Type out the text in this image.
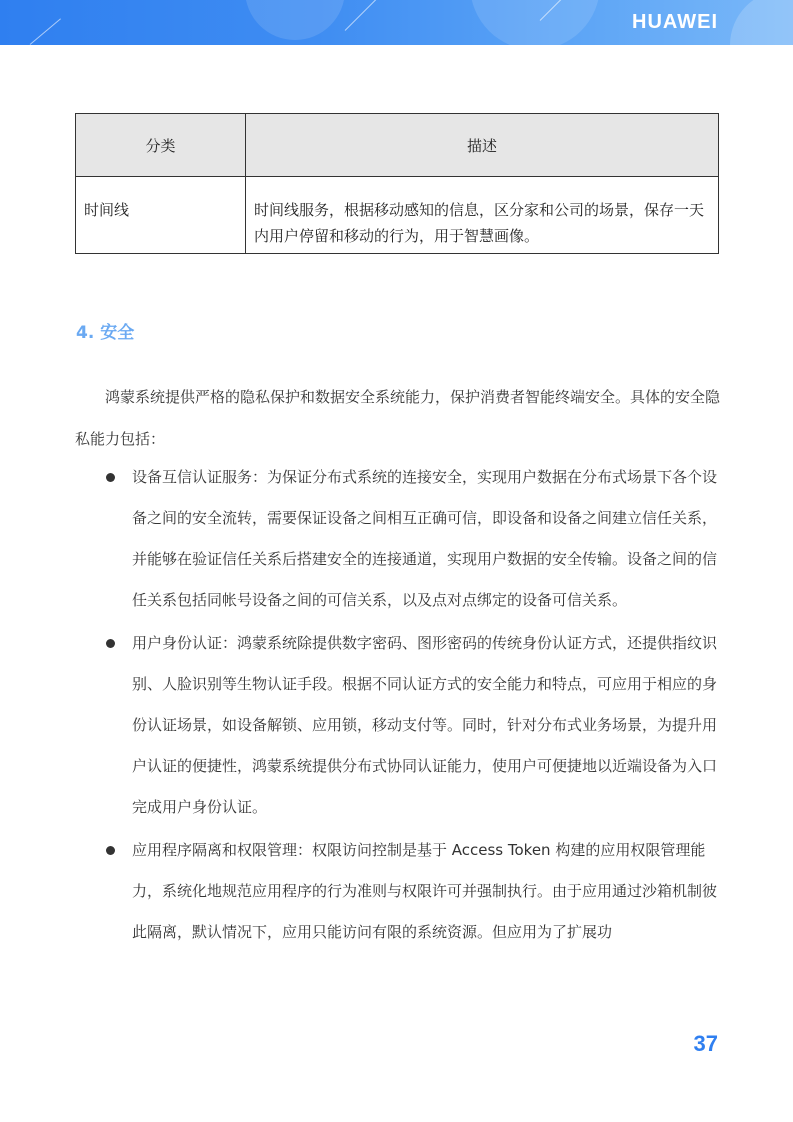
HUAWEI
分类	描述
时间线	时间线服务，根据移动感知的信息，区分家和公司的场景，保存一天内用户停留和移动的行为，用于智慧画像。
4. 安全

鸿蒙系统提供严格的隐私保护和数据安全系统能力，保护消费者智能终端安全。具体的安全隐私能力包括：

设备互信认证服务：为保证分布式系统的连接安全，实现用户数据在分布式场景下各个设备之间的安全流转，需要保证设备之间相互正确可信，即设备和设备之间建立信任关系，并能够在验证信任关系后搭建安全的连接通道，实现用户数据的安全传输。设备之间的信任关系包括同帐号设备之间的可信关系，以及点对点绑定的设备可信关系。
用户身份认证：鸿蒙系统除提供数字密码、图形密码的传统身份认证方式，还提供指纹识别、人脸识别等生物认证手段。根据不同认证方式的安全能力和特点，可应用于相应的身份认证场景，如设备解锁、应用锁，移动支付等。同时，针对分布式业务场景，为提升用户认证的便捷性，鸿蒙系统提供分布式协同认证能力，使用户可便捷地以近端设备为入口完成用户身份认证。
应用程序隔离和权限管理：权限访问控制是基于 Access Token 构建的应用权限管理能力，系统化地规范应用程序的行为准则与权限许可并强制执行。由于应用通过沙箱机制彼此隔离，默认情况下，应用只能访问有限的系统资源。但应用为了扩展功
37
